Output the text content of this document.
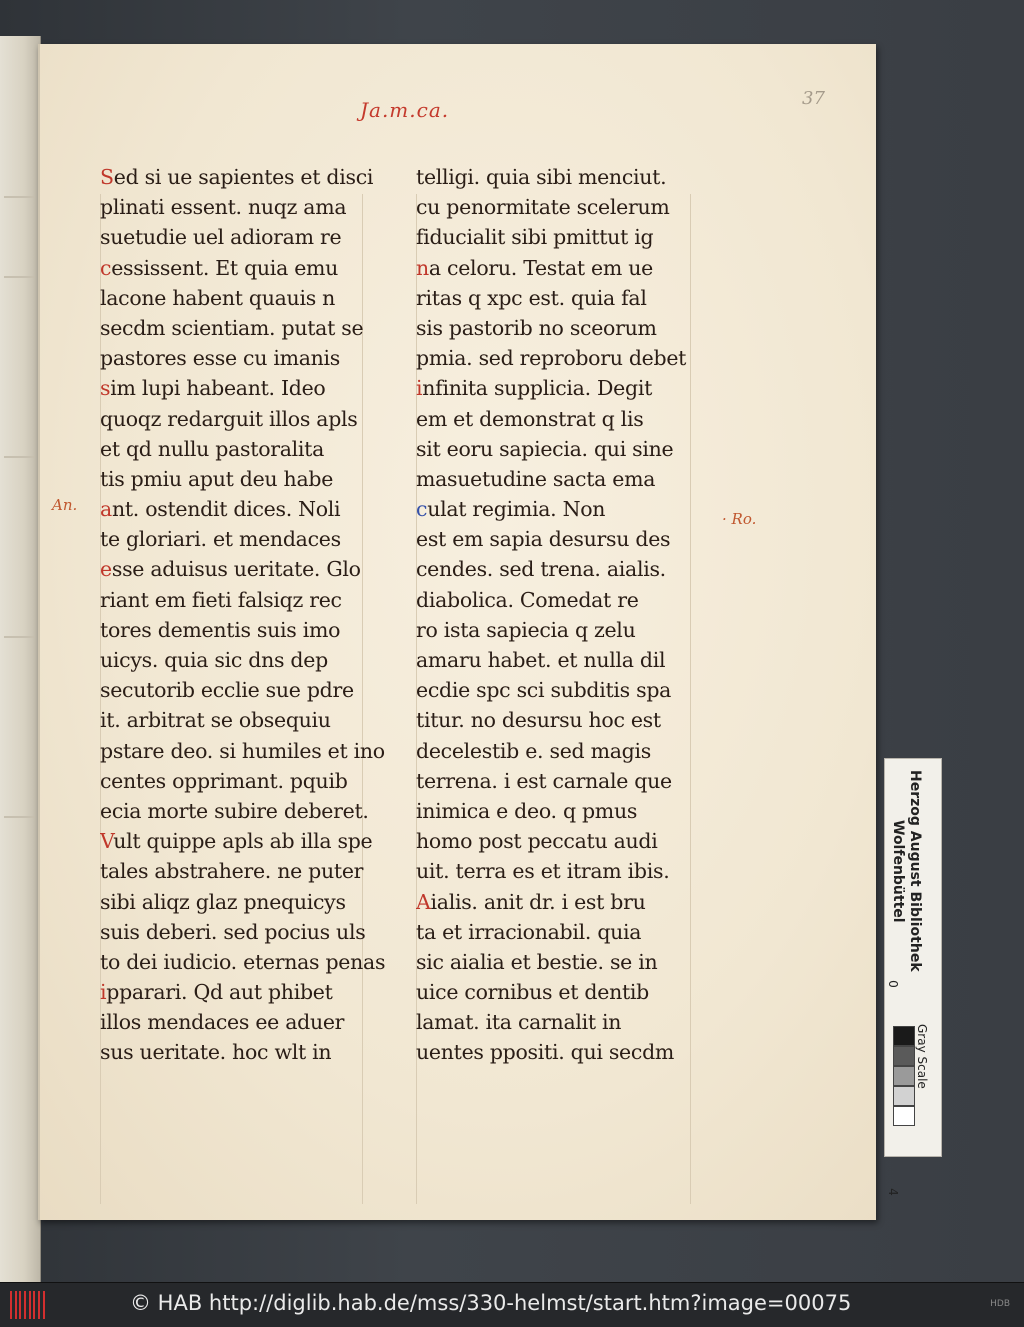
Ja.m.ca.	37
An.
· Ro.
Sed si ue sapientes et disci
plinati essent. nuqz ama
suetudie uel adioram re
cessissent. Et quia emu
lacone habent quauis n
secdm scientiam. putat se
pastores esse cu imanis
sim lupi habeant. Ideo
quoqz redarguit illos apls
et qd nullu pastoralita
tis pmiu aput deu habe
ant. ostendit dices. Noli
te gloriari. et mendaces
esse aduisus ueritate. Glo
riant em fieti falsiqz rec
tores dementis suis imo
uicys. quia sic dns dep
secutorib ecclie sue pdre
it. arbitrat se obsequiu
pstare deo. si humiles et ino
centes opprimant. pquib
ecia morte subire deberet.
Vult quippe apls ab illa spe
tales abstrahere. ne puter
sibi aliqz glaz pnequicys
suis deberi. sed pocius uls
to dei iudicio. eternas penas
ipparari. Qd aut phibet
illos mendaces ee aduer
sus ueritate. hoc wlt in
telligi. quia sibi menciut.
cu penormitate scelerum
fiducialit sibi pmittut ig
na celoru. Testat em ue
ritas q xpc est. quia fal
sis pastorib no sceorum
pmia. sed reproboru debet
infinita supplicia. Degit
em et demonstrat q lis
sit eoru sapiecia. qui sine
masuetudine sacta ema
culat regimia. Non
est em sapia desursu des
cendes. sed trena. aialis.
diabolica. Comedat re
ro ista sapiecia q zelu
amaru habet. et nulla dil
ecdie spc sci subditis spa
titur. no desursu hoc est
decelestib e. sed magis
terrena. i est carnale que
inimica e deo. q pmus
homo post peccatu audi
uit. terra es et itram ibis.
Aialis. anit dr. i est bru
ta et irracionabil. quia
sic aialia et bestie. se in
uice cornibus et dentib
lamat. ita carnalit in
uentes ppositi. qui secdm
Herzog August Bibliothek Wolfenbüttel
0
4
Gray Scale
© HAB http://diglib.hab.de/mss/330-helmst/start.htm?image=00075	HDB
